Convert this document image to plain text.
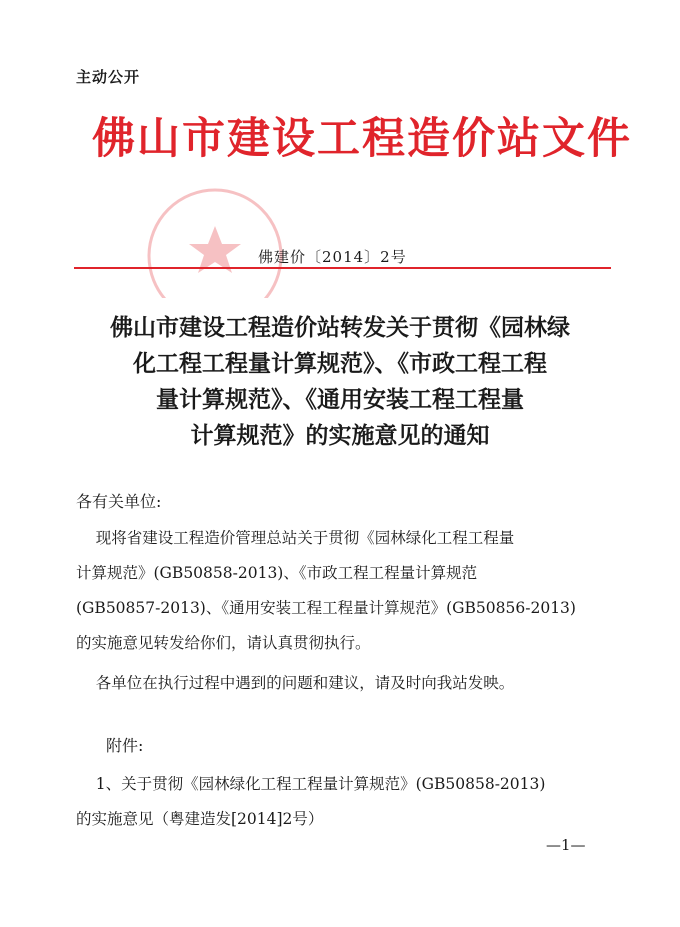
主动公开
佛山市建设工程造价站文件
佛建价〔2014〕2号
佛山市建设工程造价站转发关于贯彻《园林绿
化工程工程量计算规范》、《市政工程工程
量计算规范》、《通用安装工程工程量
计算规范》的实施意见的通知
各有关单位:
现将省建设工程造价管理总站关于贯彻《园林绿化工程工程量
计算规范》(GB50858-2013)、《市政工程工程量计算规范
(GB50857-2013)、《通用安装工程工程量计算规范》(GB50856-2013)
的实施意见转发给你们，请认真贯彻执行。
各单位在执行过程中遇到的问题和建议，请及时向我站发映。
附件:
1、关于贯彻《园林绿化工程工程量计算规范》(GB50858-2013)
的实施意见（粤建造发[2014]2号）
—1—
